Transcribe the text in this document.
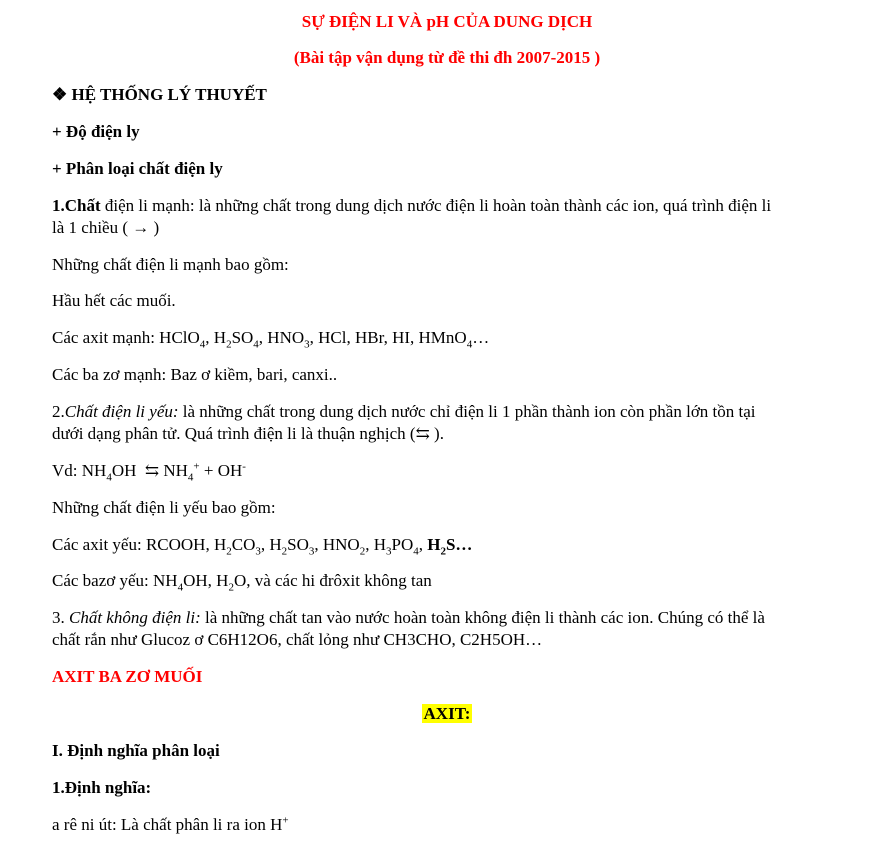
SỰ ĐIỆN LI VÀ pH CỦA DUNG DỊCH
(Bài tập vận dụng từ đề thi đh 2007-2015 )
❖ HỆ THỐNG LÝ THUYẾT
+ Độ điện ly
+ Phân loại chất điện ly
1.Chất điện li mạnh: là những chất trong dung dịch nước điện li hoàn toàn thành các ion, quá trình điện li
là 1 chiều ( → )
Những chất điện li mạnh bao gồm:
Hầu hết các muối.
Các axit mạnh: HClO$_4$, $H_2SO_4$, $HNO_3$, HCl, HBr, HI, HMnO$_4$…
Các ba zơ mạnh: Baz ơ kiềm, bari, canxi..
2.Chất điện li yếu: là những chất trong dung dịch nước chỉ điện li 1 phần thành ion còn phần lớn tồn tại
dưới dạng phân tử. Quá trình điện li là thuận nghịch (⇆ ).
Vd: $NH_4OH$  ⇆ $NH_4^+ + OH^-$
Những chất điện li yếu bao gồm:
Các axit yếu: RCOOH, $H_2CO_3$, $H_2SO_3$, $HNO_2$, $H_3PO_4$, $H_2S\dots$
Các bazơ yếu: $NH_4OH$, $H_2O$, và các hi đrôxit không tan
3. Chất không điện li: là những chất tan vào nước hoàn toàn không điện li thành các ion. Chúng có thể là
chất rắn như Glucoz ơ C6H12O6, chất lỏng như CH3CHO, C2H5OH…
AXIT BA ZƠ MUỐI
AXIT:
I. Định nghĩa phân loại
1.Định nghĩa:
a rê ni út: Là chất phân li ra ion H+
